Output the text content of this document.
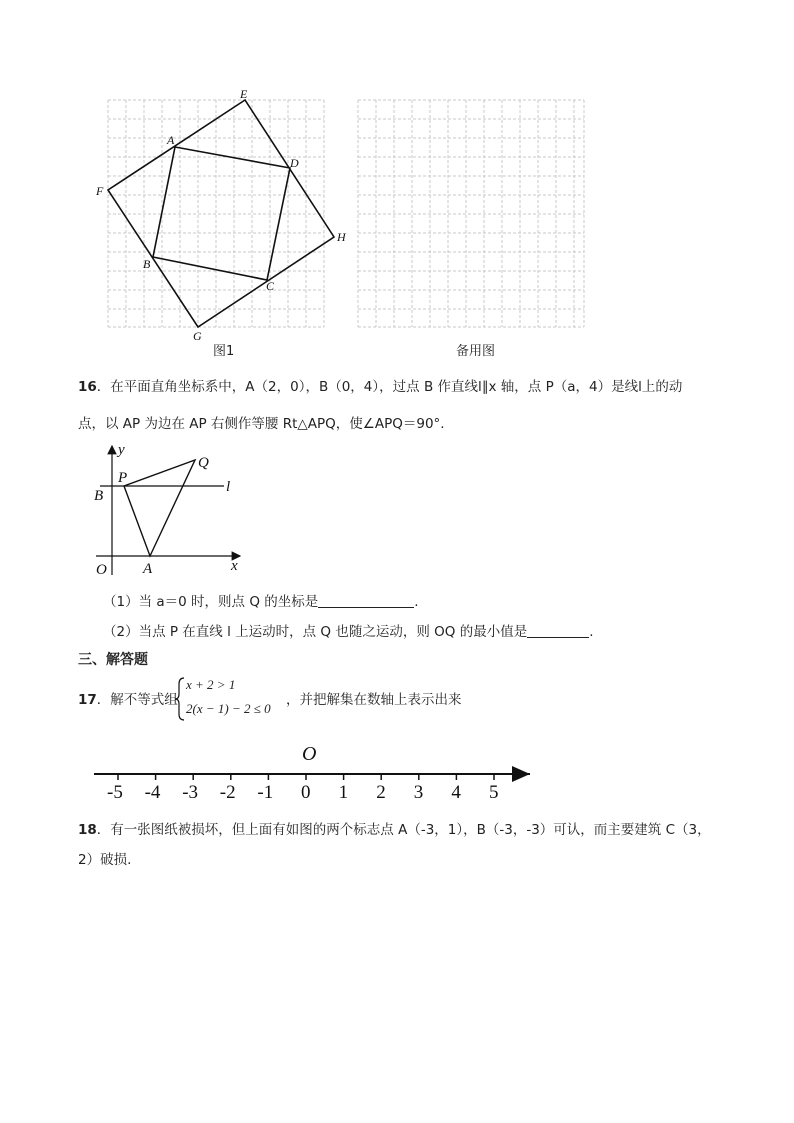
E
A
D
F
H
B
C
G
图1	备用图
16．在平面直角坐标系中，A（2，0），B（0，4），过点 B 作直线l∥x 轴，点 P（a，4）是线l上的动
点，以 AP 为边在 AP 右侧作等腰 Rt△APQ，使∠APQ＝90°.
y
x
O A
B
P
Q
l
（1）当 a＝0 时，则点 Q 的坐标是	.
（2）当点 P 在直线 l 上运动时，点 Q 也随之运动，则 OQ 的最小值是	.
三、解答题
17．解不等式组
x + 2 > 1
2(x − 1) − 2 ≤ 0
，并把解集在数轴上表示出来
O
-5 -4 -3 -2 -1 0 1 2 3 4 5
18．有一张图纸被损坏，但上面有如图的两个标志点 A（-3，1），B（-3，-3）可认，而主要建筑 C（3，
2）破损.
